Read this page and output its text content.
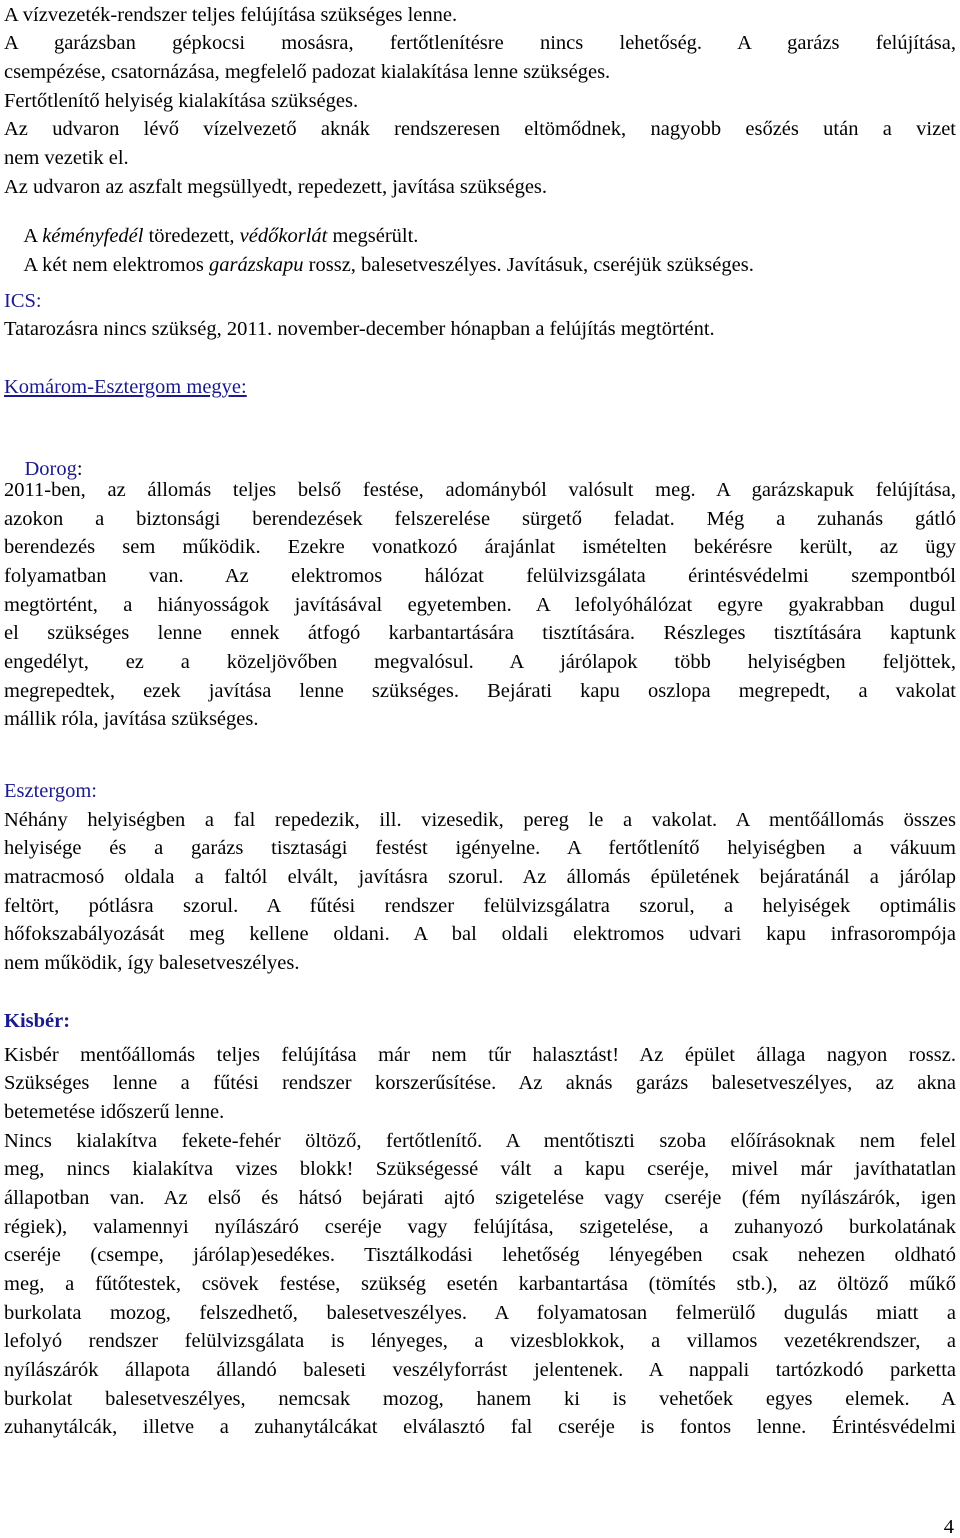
A vízvezeték-rendszer teljes felújítása szükséges lenne.
A garázsban gépkocsi mosásra, fertőtlenítésre nincs lehetőség. A garázs felújítása,
csempézése, csatornázása, megfelelő padozat kialakítása lenne szükséges.
Fertőtlenítő helyiség kialakítása szükséges.
Az udvaron lévő vízelvezető aknák rendszeresen eltömődnek, nagyobb esőzés után a vizet
nem vezetik el.
Az udvaron az aszfalt megsüllyedt, repedezett, javítása szükséges.

A kéményfedél töredezett, védőkorlát megsérült.

A két nem elektromos garázskapu rossz, balesetveszélyes. Javításuk, cseréjük szükséges.

ICS:
Tatarozásra nincs szükség, 2011. november-december hónapban a felújítás megtörtént.
Komárom-Esztergom megye:

Dorog:

2011-ben, az állomás teljes belső festése, adományból valósult meg. A garázskapuk felújítása,
azokon a biztonsági berendezések felszerelése sürgető feladat. Még a zuhanás gátló
berendezés sem működik. Ezekre vonatkozó árajánlat ismételten bekérésre került, az ügy
folyamatban van. Az elektromos hálózat felülvizsgálata érintésvédelmi szempontból
megtörtént, a hiányosságok javításával egyetemben. A lefolyóhálózat egyre gyakrabban dugul
el szükséges lenne ennek átfogó karbantartására tisztítására. Részleges tisztítására kaptunk
engedélyt, ez a közeljövőben megvalósul. A járólapok több helyiségben feljöttek,
megrepedtek, ezek javítása lenne szükséges. Bejárati kapu oszlopa megrepedt, a vakolat
mállik róla, javítása szükséges.
Esztergom:
Néhány helyiségben a fal repedezik, ill. vizesedik, pereg le a vakolat. A mentőállomás összes
helyisége és a garázs tisztasági festést igényelne. A fertőtlenítő helyiségben a vákuum
matracmosó oldala a faltól elvált, javításra szorul. Az állomás épületének bejáratánál a járólap
feltört, pótlásra szorul. A fűtési rendszer felülvizsgálatra szorul, a helyiségek optimális
hőfokszabályozását meg kellene oldani. A bal oldali elektromos udvari kapu infrasorompója
nem működik, így balesetveszélyes.
Kisbér:
Kisbér mentőállomás teljes felújítása már nem tűr halasztást! Az épület állaga nagyon rossz.
Szükséges lenne a fűtési rendszer korszerűsítése. Az aknás garázs balesetveszélyes, az akna
betemetése időszerű lenne.
Nincs kialakítva fekete-fehér öltöző, fertőtlenítő. A mentőtiszti szoba előírásoknak nem felel
meg, nincs kialakítva vizes blokk! Szükségessé vált a kapu cseréje, mivel már javíthatatlan
állapotban van. Az első és hátsó bejárati ajtó szigetelése vagy cseréje (fém nyílászárók, igen
régiek), valamennyi nyílászáró cseréje vagy felújítása, szigetelése, a zuhanyozó burkolatának
cseréje (csempe, járólap)esedékes. Tisztálkodási lehetőség lényegében csak nehezen oldható
meg, a fűtőtestek, csövek festése, szükség esetén karbantartása (tömítés stb.), az öltöző műkő
burkolata mozog, felszedhető, balesetveszélyes. A folyamatosan felmerülő dugulás miatt a
lefolyó rendszer felülvizsgálata is lényeges, a vizesblokkok, a villamos vezetékrendszer, a
nyílászárók állapota állandó baleseti veszélyforrást jelentenek. A nappali tartózkodó parketta
burkolat balesetveszélyes, nemcsak mozog, hanem ki is vehetőek egyes elemek. A
zuhanytálcák, illetve a zuhanytálcákat elválasztó fal cseréje is fontos lenne. Érintésvédelmi
4
